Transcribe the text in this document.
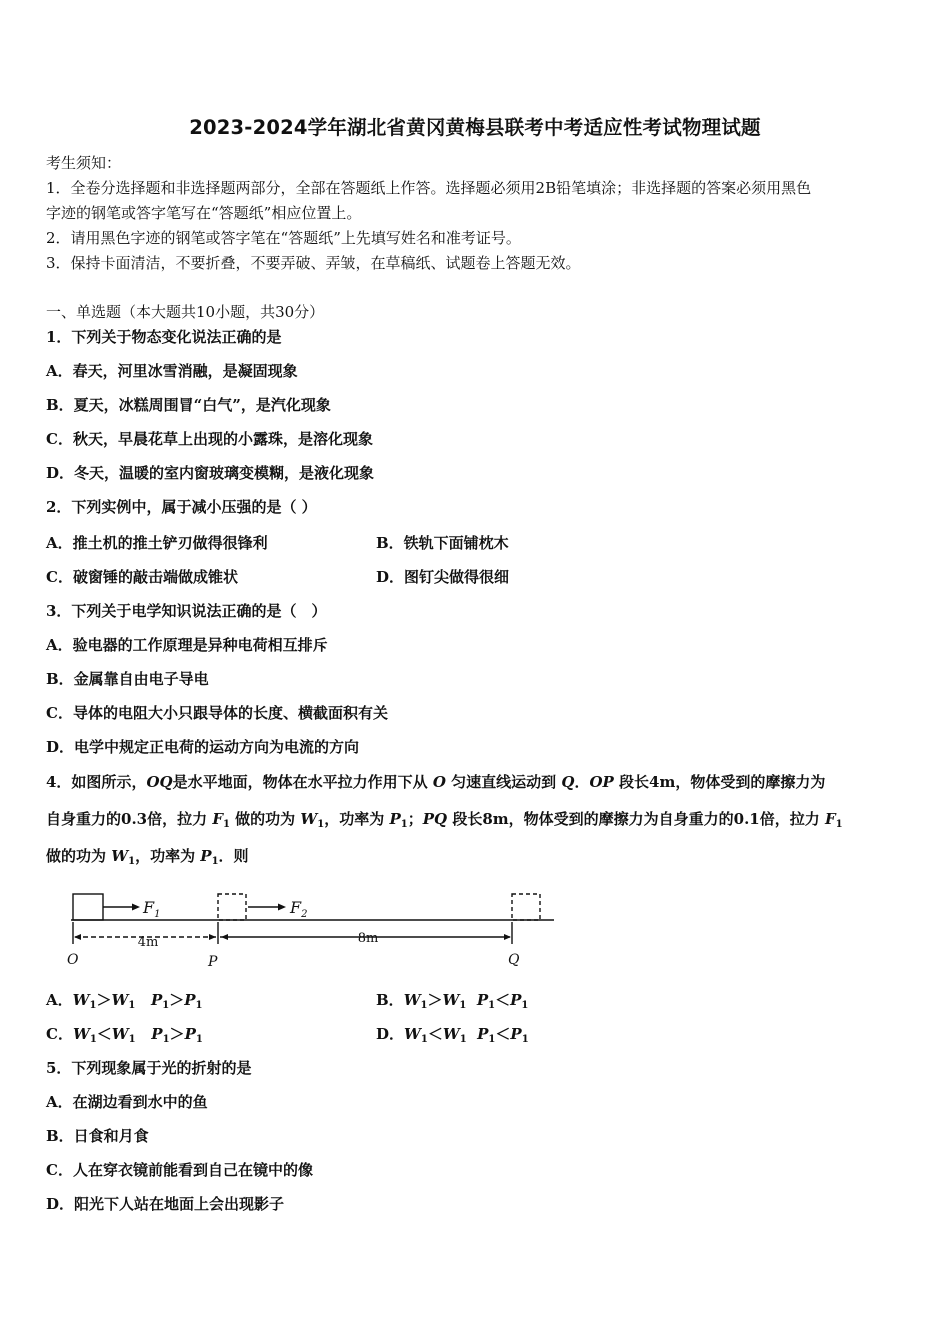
2023-2024学年湖北省黄冈黄梅县联考中考适应性考试物理试题
考生须知：
1．全卷分选择题和非选择题两部分，全部在答题纸上作答。选择题必须用2B铅笔填涂；非选择题的答案必须用黑色
字迹的钢笔或答字笔写在“答题纸”相应位置上。
2．请用黑色字迹的钢笔或答字笔在“答题纸”上先填写姓名和准考证号。
3．保持卡面清洁，不要折叠，不要弄破、弄皱，在草稿纸、试题卷上答题无效。
一、单选题（本大题共10小题，共30分）
1．下列关于物态变化说法正确的是
A．春天，河里冰雪消融，是凝固现象
B．夏天，冰糕周围冒“白气”，是汽化现象
C．秋天，早晨花草上出现的小露珠，是溶化现象
D．冬天，温暖的室内窗玻璃变模糊，是液化现象
2．下列实例中，属于减小压强的是（ ）
A．推土机的推土铲刃做得很锋利	B．铁轨下面铺枕木
C．破窗锤的敲击端做成锥状	D．图钉尖做得很细
3．下列关于电学知识说法正确的是（　）
A．验电器的工作原理是异种电荷相互排斥
B．金属靠自由电子导电
C．导体的电阻大小只跟导体的长度、横截面积有关
D．电学中规定正电荷的运动方向为电流的方向
4．如图所示，OQ是水平地面，物体在水平拉力作用下从 O 匀速直线运动到 Q．OP 段长4m，物体受到的摩擦力为
自身重力的0.3倍，拉力 $F_1$ 做的功为 $W_1$，功率为 $P_1$；PQ 段长8m，物体受到的摩擦力为自身重力的0.1倍，拉力 $F_1$
做的功为 $W_1$，功率为 $P_1$．则
$F_1$	$F_2$
4m	8m
O	P	Q
A．$W_1>W_1$ $P_1>P_1$	B．$W_1>W_1$ $P_1<P_1$
C．$W_1<W_1$ $P_1>P_1$	D．$W_1<W_1$ $P_1<P_1$
5．下列现象属于光的折射的是
A．在湖边看到水中的鱼
B．日食和月食
C．人在穿衣镜前能看到自己在镜中的像
D．阳光下人站在地面上会出现影子
